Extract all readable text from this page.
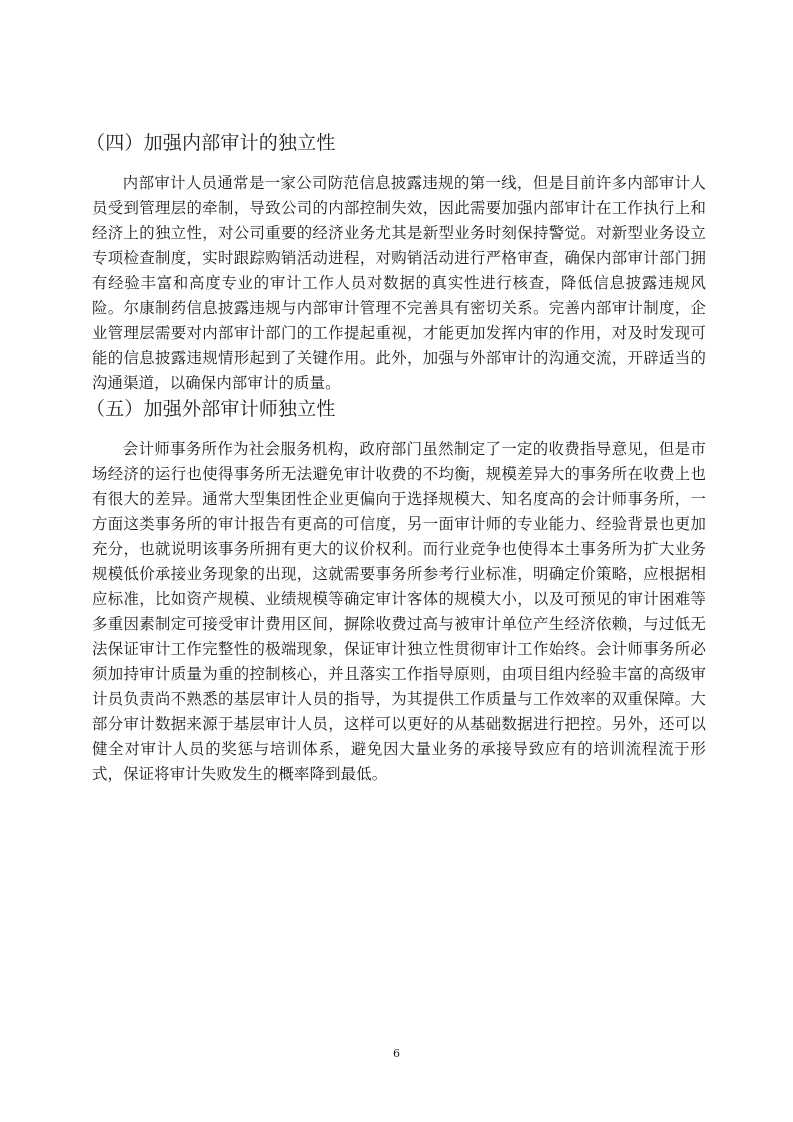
（四）加强内部审计的独立性

内部审计人员通常是一家公司防范信息披露违规的第一线，但是目前许多内部审计人员受到管理层的牵制，导致公司的内部控制失效，因此需要加强内部审计在工作执行上和经济上的独立性，对公司重要的经济业务尤其是新型业务时刻保持警觉。对新型业务设立专项检查制度，实时跟踪购销活动进程，对购销活动进行严格审查，确保内部审计部门拥有经验丰富和高度专业的审计工作人员对数据的真实性进行核查，降低信息披露违规风险。尔康制药信息披露违规与内部审计管理不完善具有密切关系。完善内部审计制度，企业管理层需要对内部审计部门的工作提起重视，才能更加发挥内审的作用，对及时发现可能的信息披露违规情形起到了关键作用。此外，加强与外部审计的沟通交流，开辟适当的沟通渠道，以确保内部审计的质量。

（五）加强外部审计师独立性

会计师事务所作为社会服务机构，政府部门虽然制定了一定的收费指导意见，但是市场经济的运行也使得事务所无法避免审计收费的不均衡，规模差异大的事务所在收费上也有很大的差异。通常大型集团性企业更偏向于选择规模大、知名度高的会计师事务所，一方面这类事务所的审计报告有更高的可信度，另一面审计师的专业能力、经验背景也更加充分，也就说明该事务所拥有更大的议价权利。而行业竞争也使得本土事务所为扩大业务规模低价承接业务现象的出现，这就需要事务所参考行业标准，明确定价策略，应根据相应标准，比如资产规模、业绩规模等确定审计客体的规模大小，以及可预见的审计困难等多重因素制定可接受审计费用区间，摒除收费过高与被审计单位产生经济依赖，与过低无法保证审计工作完整性的极端现象，保证审计独立性贯彻审计工作始终。会计师事务所必须加持审计质量为重的控制核心，并且落实工作指导原则，由项目组内经验丰富的高级审计员负责尚不熟悉的基层审计人员的指导，为其提供工作质量与工作效率的双重保障。大部分审计数据来源于基层审计人员，这样可以更好的从基础数据进行把控。另外，还可以健全对审计人员的奖惩与培训体系，避免因大量业务的承接导致应有的培训流程流于形式，保证将审计失败发生的概率降到最低。

6
